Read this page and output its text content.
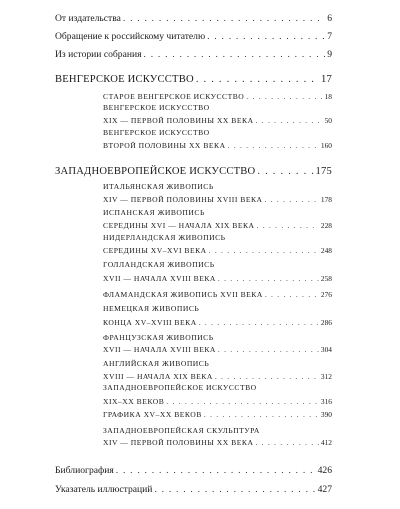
От издательства . . .	6
Обращение к российскому читателю . . .	7
Из истории собрания . . .	9
ВЕНГЕРСКОЕ ИСКУССТВО . . .	17
СТАРОЕ ВЕНГЕРСКОЕ ИСКУССТВО . . .	18
ВЕНГЕРСКОЕ ИСКУССТВО
XIX — ПЕРВОЙ ПОЛОВИНЫ XX ВЕКА . . .	50
ВЕНГЕРСКОЕ ИСКУССТВО
ВТОРОЙ ПОЛОВИНЫ XX ВЕКА . . .	160
ЗАПАДНОЕВРОПЕЙСКОЕ ИСКУССТВО . . .	175
ИТАЛЬЯНСКАЯ ЖИВОПИСЬ
XIV — ПЕРВОЙ ПОЛОВИНЫ XVIII ВЕКА . . .	178
ИСПАНСКАЯ ЖИВОПИСЬ
СЕРЕДИНЫ XVI — НАЧАЛА XIX ВЕКА . . .	228
НИДЕРЛАНДСКАЯ ЖИВОПИСЬ
СЕРЕДИНЫ XV–XVI ВЕКА . . .	248
ГОЛЛАНДСКАЯ ЖИВОПИСЬ
XVII — НАЧАЛА XVIII ВЕКА . . .	258
ФЛАМАНДСКАЯ ЖИВОПИСЬ XVII ВЕКА . . .	276
НЕМЕЦКАЯ ЖИВОПИСЬ
КОНЦА XV–XVIII ВЕКА . . .	286
ФРАНЦУЗСКАЯ ЖИВОПИСЬ
XVII — НАЧАЛА XVIII ВЕКА . . .	304
АНГЛИЙСКАЯ ЖИВОПИСЬ
XVIII — НАЧАЛА XIX ВЕКА . . .	312
ЗАПАДНОЕВРОПЕЙСКОЕ ИСКУССТВО
XIX–XX ВЕКОВ . . .	316
ГРАФИКА XV–XX ВЕКОВ . . .	390
ЗАПАДНОЕВРОПЕЙСКАЯ СКУЛЬПТУРА
XIV — ПЕРВОЙ ПОЛОВИНЫ XX ВЕКА . . .	412
Библиография . . .	426
Указатель иллюстраций . . .	427
